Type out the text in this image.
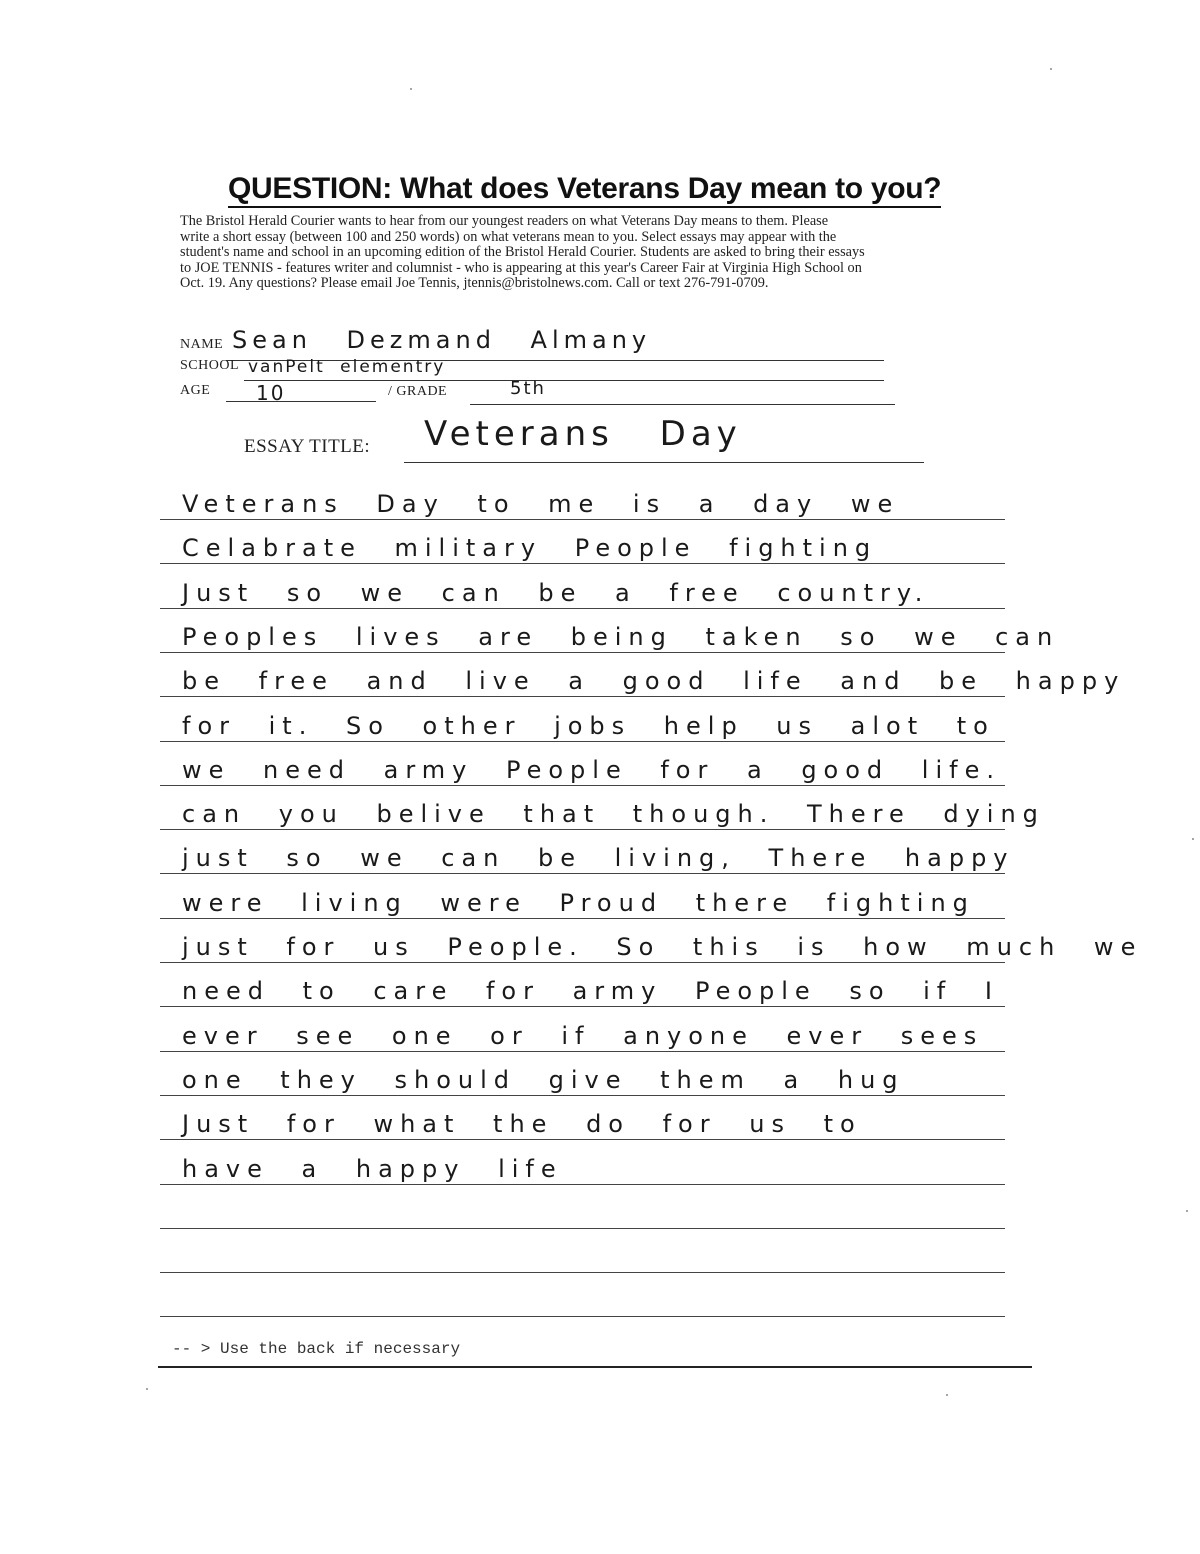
QUESTION: What does Veterans Day mean to you?
The Bristol Herald Courier wants to hear from our youngest readers on what Veterans Day means to them. Please
write a short essay (between 100 and 250 words) on what veterans mean to you. Select essays may appear with the
student's name and school in an upcoming edition of the Bristol Herald Courier. Students are asked to bring their essays
to JOE TENNIS - features writer and columnist - who is appearing at this year's Career Fair at Virginia High School on
Oct. 19. Any questions? Please email Joe Tennis, jtennis@bristolnews.com. Call or text 276-791-0709.
NAME Sean Dezmand Almany
SCHOOL vanPelt elementry
AGE 10	/ GRADE	5th
ESSAY TITLE: Veterans Day
Veterans Day to me is a day we
Celabrate military People fighting
Just so we can be a free country.
Peoples lives are being taken so we can
be free and live a good life and be happy
for it. So other jobs help us alot to
we need army People for a good life.
can you belive that though. There dying
just so we can be living, There happy
were living were Proud there fighting
just for us People. So this is how much we
need to care for army People so if I
ever see one or if anyone ever sees
one they should give them a hug
Just for what the do for us to
have a happy life
-- > Use the back if necessary
